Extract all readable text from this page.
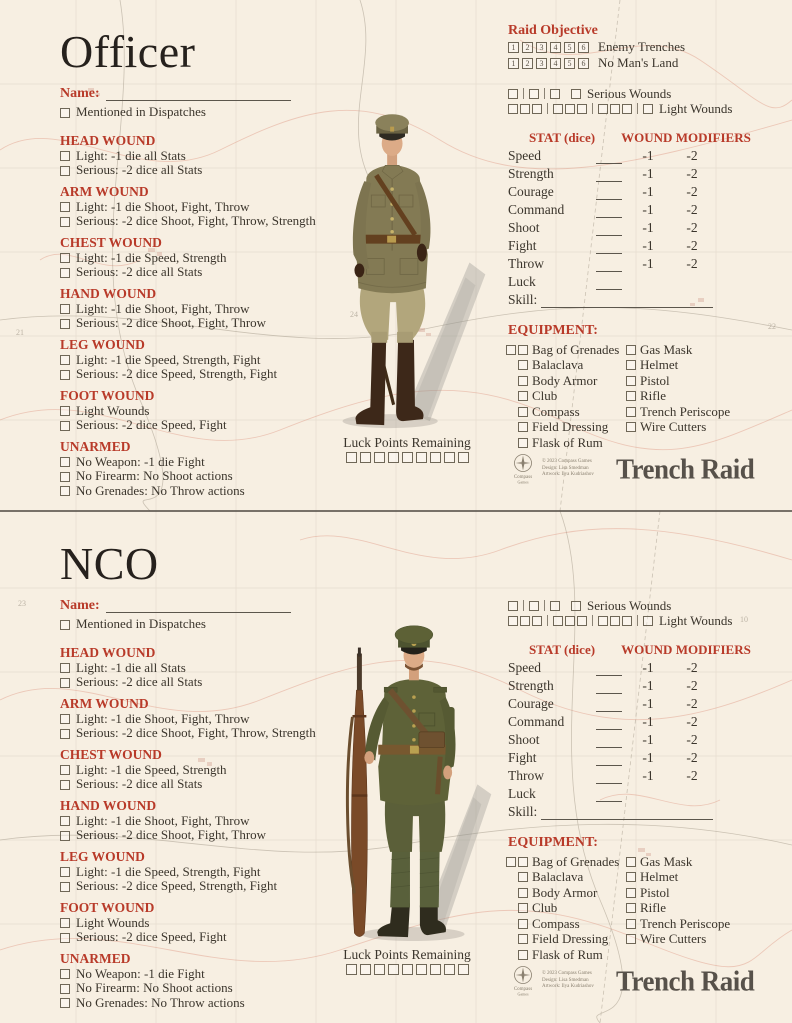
21
24
22
23
10
Officer
Name:
Mentioned in Dispatches
HEAD WOUND
Light: -1 die all Stats
Serious: -2 dice all Stats
ARM WOUND
Light: -1 die Shoot, Fight, Throw
Serious: -2 dice Shoot, Fight, Throw, Strength
CHEST WOUND
Light: -1 die Speed, Strength
Serious: -2 dice all Stats
HAND WOUND
Light: -1 die Shoot, Fight, Throw
Serious: -2 dice Shoot, Fight, Throw
LEG WOUND
Light: -1 die Speed, Strength, Fight
Serious: -2 dice Speed, Strength, Fight
FOOT WOUND
Light Wounds
Serious: -2 dice Speed, Fight
UNARMED
No Weapon: -1 die Fight
No Firearm: No Shoot actions
No Grenades: No Throw actions
Luck Points Remaining
Raid Objective
1	2	3	4	5	6 Enemy Trenches
1	2	3	4	5	6 No Man's Land
Serious Wounds
Light Wounds
STAT (dice)	WOUND MODIFIERS
Speed	-1	-2
Strength	-1	-2
Courage	-1	-2
Command	-1	-2
Shoot	-1	-2
Fight	-1	-2
Throw	-1	-2
Luck
Skill:
EQUIPMENT:
Bag of Grenades
Balaclava
Body Armor
Club
Compass
Field Dressing
Flask of Rum
Gas Mask
Helmet
Pistol
Rifle
Trench Periscope
Wire Cutters
Compass
Games
© 2023 Compass Games
Design: Lisa Smedman
Artwork: Ilya Kudriashov Trench Raid
NCO
Name:
Mentioned in Dispatches
HEAD WOUND
Light: -1 die all Stats
Serious: -2 dice all Stats
ARM WOUND
Light: -1 die Shoot, Fight, Throw
Serious: -2 dice Shoot, Fight, Throw, Strength
CHEST WOUND
Light: -1 die Speed, Strength
Serious: -2 dice all Stats
HAND WOUND
Light: -1 die Shoot, Fight, Throw
Serious: -2 dice Shoot, Fight, Throw
LEG WOUND
Light: -1 die Speed, Strength, Fight
Serious: -2 dice Speed, Strength, Fight
FOOT WOUND
Light Wounds
Serious: -2 dice Speed, Fight
UNARMED
No Weapon: -1 die Fight
No Firearm: No Shoot actions
No Grenades: No Throw actions
Luck Points Remaining
Serious Wounds
Light Wounds
STAT (dice)	WOUND MODIFIERS
Speed	-1	-2
Strength	-1	-2
Courage	-1	-2
Command	-1	-2
Shoot	-1	-2
Fight	-1	-2
Throw	-1	-2
Luck
Skill:
EQUIPMENT:
Bag of Grenades
Balaclava
Body Armor
Club
Compass
Field Dressing
Flask of Rum
Gas Mask
Helmet
Pistol
Rifle
Trench Periscope
Wire Cutters
Compass
Games
© 2023 Compass Games
Design: Lisa Smedman
Artwork: Ilya Kudriashov Trench Raid
